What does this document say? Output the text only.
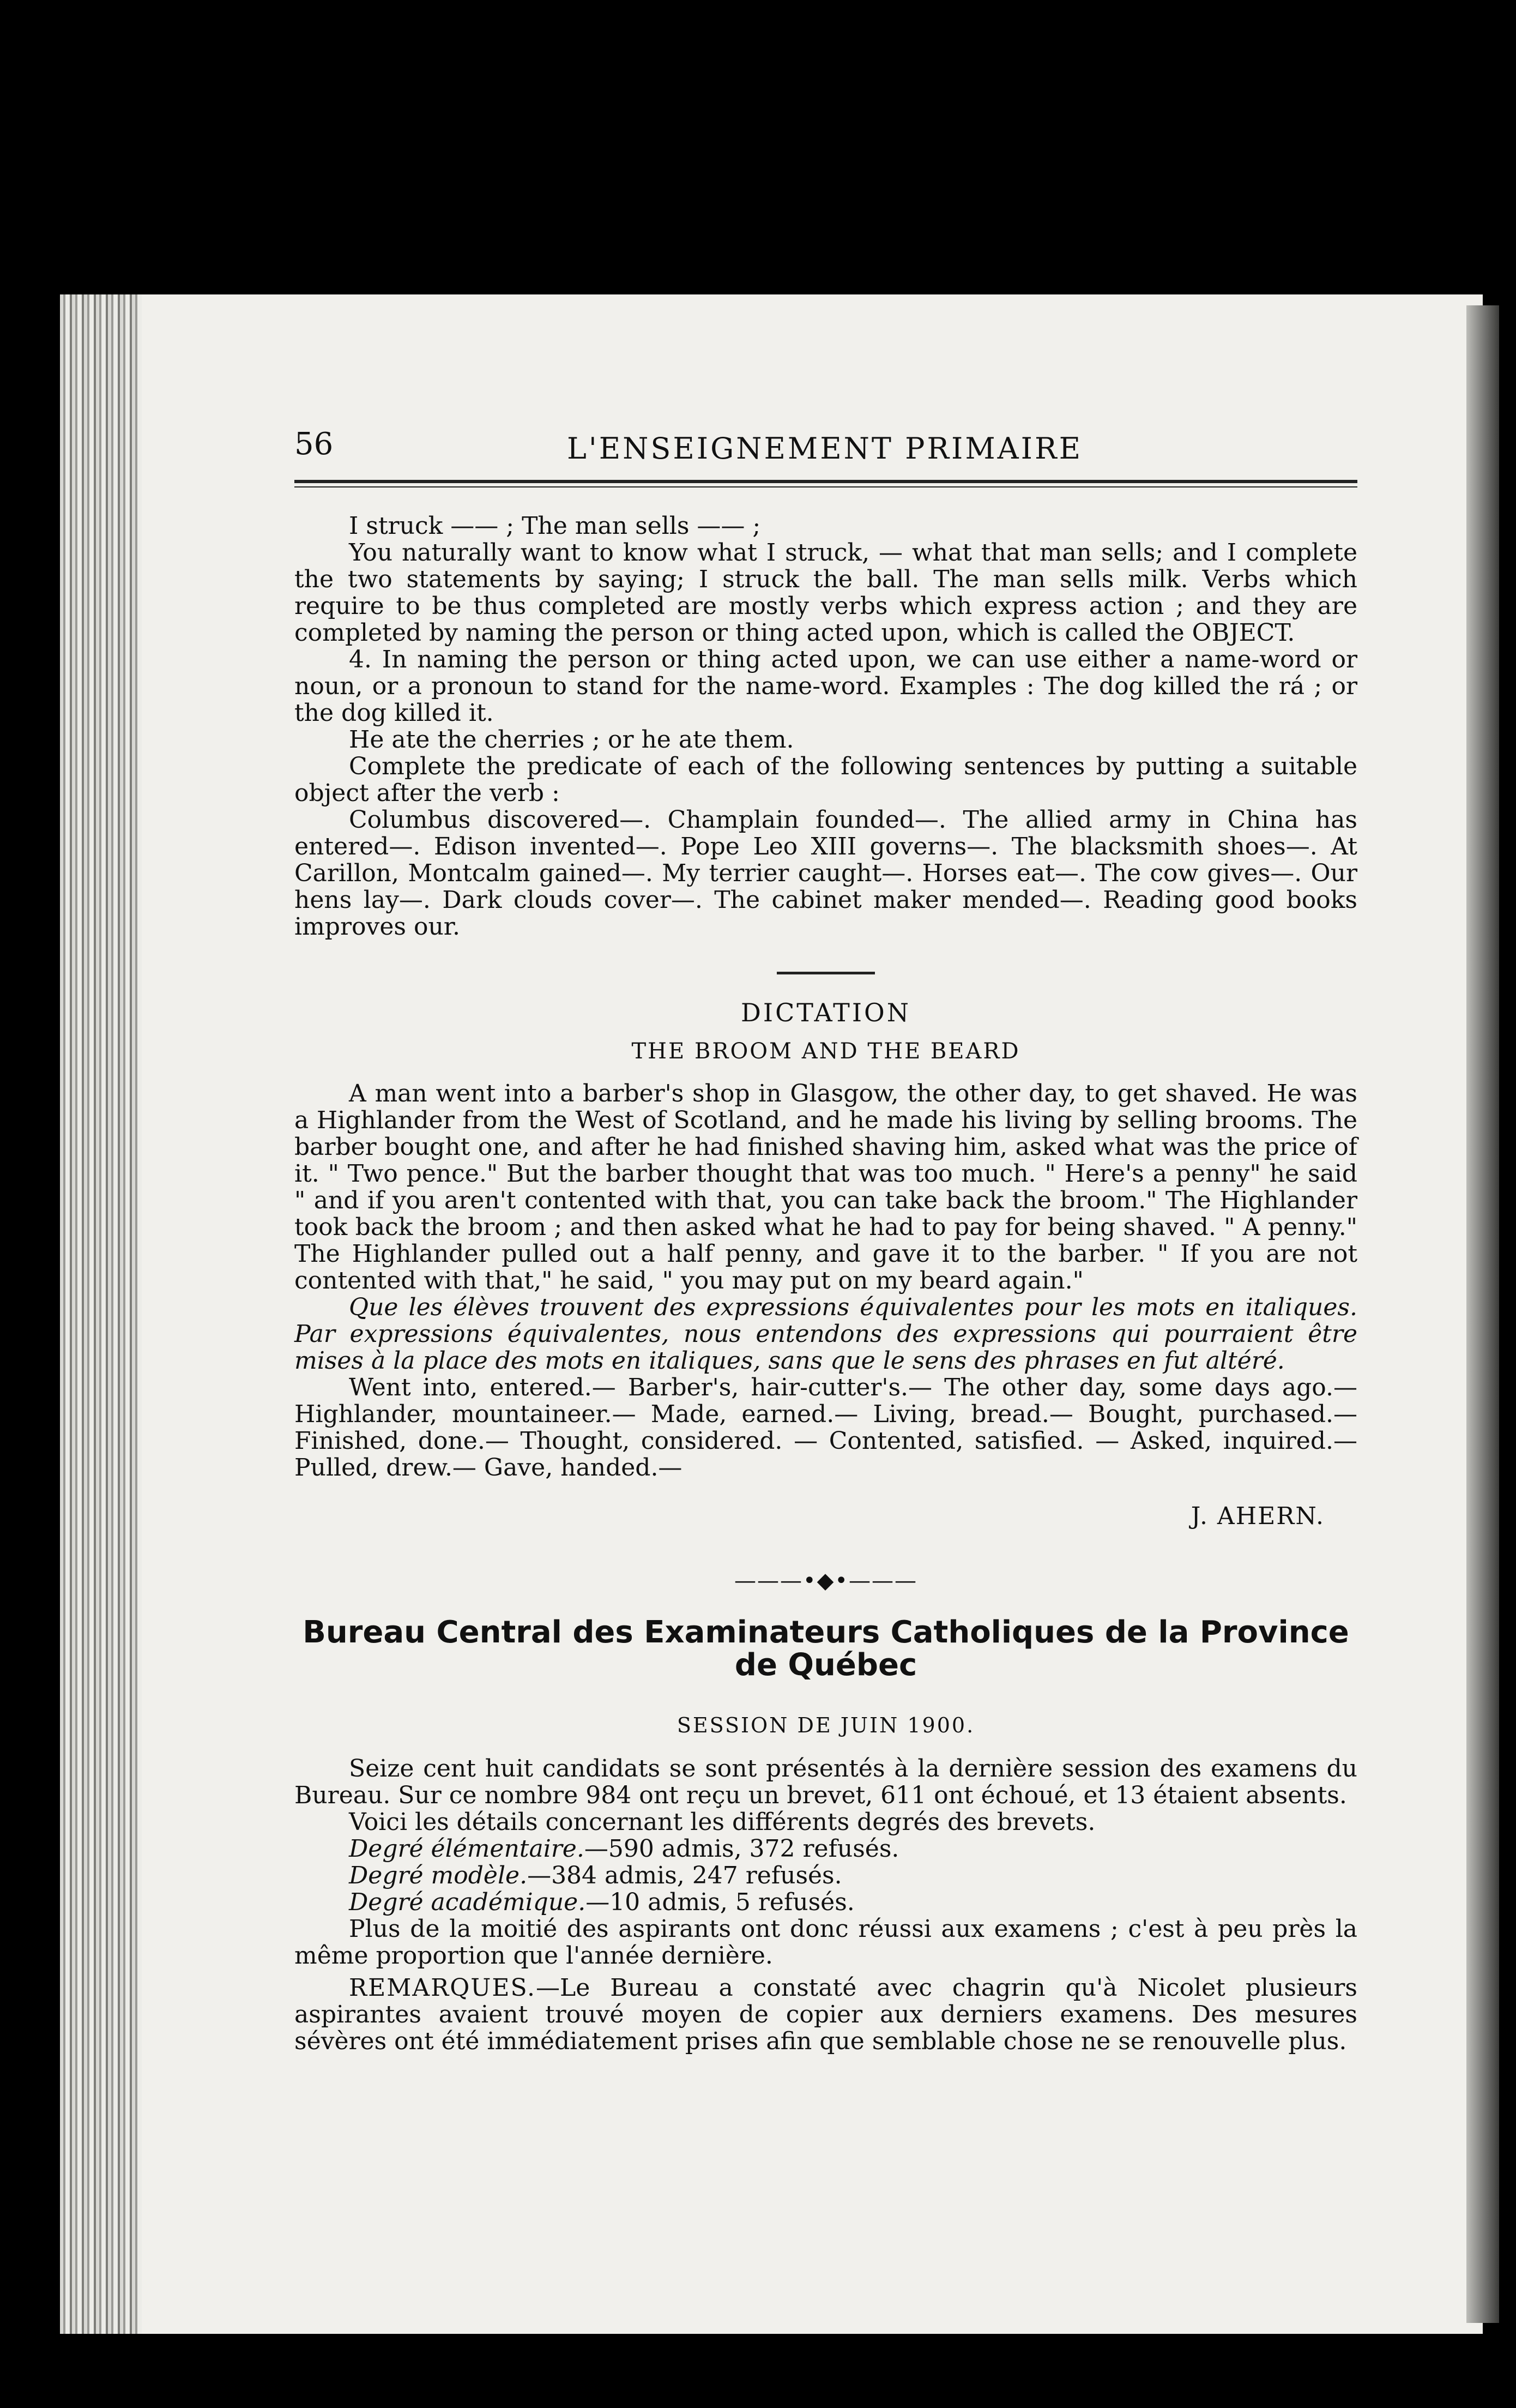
56	L'ENSEIGNEMENT PRIMAIRE

I struck —— ; The man sells —— ;

You naturally want to know what I struck, — what that man sells; and I complete the two statements by saying; I struck the ball. The man sells milk. Verbs which require to be thus completed are mostly verbs which express action ; and they are completed by naming the person or thing acted upon, which is called the OBJECT.

4. In naming the person or thing acted upon, we can use either a name-word or noun, or a pronoun to stand for the name-word. Examples : The dog killed the rá ; or the dog killed it.

He ate the cherries ; or he ate them.

Complete the predicate of each of the following sentences by putting a suitable object after the verb :

Columbus discovered—. Champlain founded—. The allied army in China has entered—. Edison invented—. Pope Leo XIII governs—. The blacksmith shoes—. At Carillon, Montcalm gained—. My terrier caught—. Horses eat—. The cow gives—. Our hens lay—. Dark clouds cover—. The cabinet maker mended—. Reading good books improves our.

DICTATION
THE BROOM AND THE BEARD

A man went into a barber's shop in Glasgow, the other day, to get shaved. He was a Highlander from the West of Scotland, and he made his living by selling brooms. The barber bought one, and after he had finished shaving him, asked what was the price of it. " Two pence." But the barber thought that was too much. " Here's a penny" he said " and if you aren't contented with that, you can take back the broom." The Highlander took back the broom ; and then asked what he had to pay for being shaved. " A penny." The Highlander pulled out a half penny, and gave it to the barber. " If you are not contented with that," he said, " you may put on my beard again."

Que les élèves trouvent des expressions équivalentes pour les mots en italiques. Par expressions équivalentes, nous entendons des expressions qui pourraient être mises à la place des mots en italiques, sans que le sens des phrases en fut altéré.

Went into, entered.— Barber's, hair-cutter's.— The other day, some days ago.— Highlander, mountaineer.— Made, earned.— Living, bread.— Bought, purchased.— Finished, done.— Thought, considered. — Contented, satisfied. — Asked, inquired.— Pulled, drew.— Gave, handed.—

J. AHERN.
———•◆•———
Bureau Central des Examinateurs Catholiques de la Province de Québec
SESSION DE JUIN 1900.

Seize cent huit candidats se sont présentés à la dernière session des examens du Bureau. Sur ce nombre 984 ont reçu un brevet, 611 ont échoué, et 13 étaient absents.

Voici les détails concernant les différents degrés des brevets.

Degré élémentaire.—590 admis, 372 refusés.

Degré modèle.—384 admis, 247 refusés.

Degré académique.—10 admis, 5 refusés.

Plus de la moitié des aspirants ont donc réussi aux examens ; c'est à peu près la même proportion que l'année dernière.

REMARQUES.—Le Bureau a constaté avec chagrin qu'à Nicolet plusieurs aspirantes avaient trouvé moyen de copier aux derniers examens. Des mesures sévères ont été immédiatement prises afin que semblable chose ne se renouvelle plus.
